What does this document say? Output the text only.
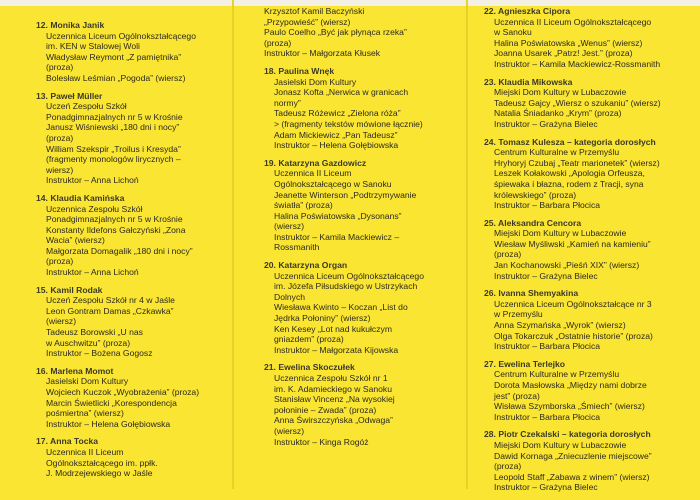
12. Monika Janik
Uczennica Liceum Ogólnokształcącego
im. KEN w Stalowej Woli
Władysław Reymont „Z pamiętnika”
(proza)
Bolesław Leśmian „Pogoda” (wiersz)
13. Paweł Müller
Uczeń Zespołu Szkół
Ponadgimnazjalnych nr 5 w Krośnie
Janusz Wiśniewski „180 dni i nocy”
(proza)
William Szekspir „Troilus i Kresyda”
(fragmenty monologów lirycznych –
wiersz)
Instruktor – Anna Lichoń
14. Klaudia Kamińska
Uczennica Zespołu Szkół
Ponadgimnazjalnych nr 5 w Krośnie
Konstanty Ildefons Gałczyński „Zona
Wacia” (wiersz)
Małgorzata Domagalik „180 dni i nocy”
(proza)
Instruktor – Anna Lichoń
15. Kamil Rodak
Uczeń Zespołu Szkół nr 4 w Jaśle
Leon Gontram Damas „Czkawka”
(wiersz)
Tadeusz Borowski „U nas
w Auschwitzu” (proza)
Instruktor – Bożena Gogosz
16. Marlena Momot
Jasielski Dom Kultury
Wojciech Kuczok „Wyobrażenia” (proza)
Marcin Świetlicki „Korespondencja
pośmiertna” (wiersz)
Instruktor – Helena Gołębiowska
17. Anna Tocka
Uczennica II Liceum
Ogólnokształcącego im. ppłk.
J. Modrzejewskiego w Jaśle
Krzysztof Kamil Baczyński
„Przypowieść” (wiersz)
Paulo Coelho „Być jak płynąca rzeka”
(proza)
Instruktor – Małgorzata Kłusek
18. Paulina Wnęk
Jasielski Dom Kultury
Jonasz Kofta „Nerwica w granicach
normy”
Tadeusz Różewicz „Zielona róża”
> (fragmenty tekstów mówione łącznie)
Adam Mickiewicz „Pan Tadeusz”
Instruktor – Helena Gołębiowska
19. Katarzyna Gazdowicz
Uczennica II Liceum
Ogólnokształcącego w Sanoku
Jeanette Winterson „Podtrzymywanie
światła” (proza)
Halina Poświatowska „Dysonans”
(wiersz)
Instruktor – Kamila Mackiewicz –
Rossmanith
20. Katarzyna Organ
Uczennica Liceum Ogólnokształcącego
im. Józefa Piłsudskiego w Ustrzykach
Dolnych
Wiesława Kwinto – Koczan „List do
Jędrka Połoniny” (wiersz)
Ken Kesey „Lot nad kukułczym
gniazdem” (proza)
Instruktor – Małgorzata Kijowska
21. Ewelina Skoczułek
Uczennica Zespołu Szkół nr 1
im. K. Adamieckiego w Sanoku
Stanisław Vincenz „Na wysokiej
połoninie – Zwada” (proza)
Anna Świrszczyńska „Odwaga”
(wiersz)
Instruktor – Kinga Rogóż
22. Agnieszka Cipora
Uczennica II Liceum Ogólnokształcącego
w Sanoku
Halina Poświatowska „Wenus” (wiersz)
Joanna Usarek „Patrz! Jest.” (proza)
Instruktor – Kamila Mackiewicz-Rossmanith
23. Klaudia Mikowska
Miejski Dom Kultury w Lubaczowie
Tadeusz Gajcy „Wiersz o szukaniu” (wiersz)
Natalia Śniadanko „Krym” (proza)
Instruktor – Grażyna Bielec
24. Tomasz Kulesza – kategoria dorosłych
Centrum Kulturalne w Przemyślu
Hryhoryj Czubaj „Teatr marionetek” (wiersz)
Leszek Kołakowski „Apologia Orfeusza,
śpiewaka i błazna, rodem z Tracji, syna
królewskiego” (proza)
Instruktor – Barbara Płocica
25. Aleksandra Cencora
Miejski Dom Kultury w Lubaczowie
Wiesław Myśliwski „Kamień na kamieniu”
(proza)
Jan Kochanowski „Pieśń XIX” (wiersz)
Instruktor – Grażyna Bielec
26. Ivanna Shemyakina
Uczennica Liceum Ogólnokształcące nr 3
w Przemyślu
Anna Szymańska „Wyrok” (wiersz)
Olga Tokarczuk „Ostatnie historie” (proza)
Instruktor – Barbara Płocica
27. Ewelina Terlejko
Centrum Kulturalne w Przemyślu
Dorota Masłowska „Między nami dobrze
jest” (proza)
Wisława Szymborska „Śmiech” (wiersz)
Instruktor – Barbara Płocica
28. Piotr Czekalski – kategoria dorosłych
Miejski Dom Kultury w Lubaczowie
Dawid Kornaga „Zniecuzlenie miejscowe”
(proza)
Leopold Staff „Zabawa z winem” (wiersz)
Instruktor – Grażyna Bielec
